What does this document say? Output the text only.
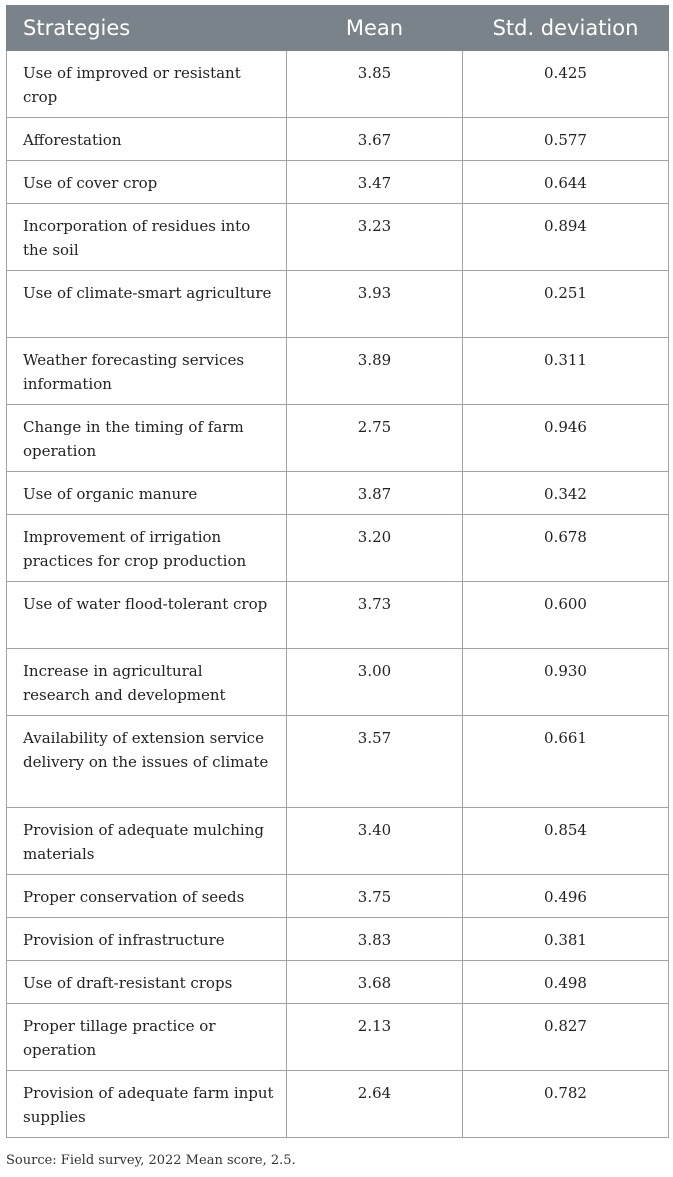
Strategies	Mean	Std. deviation
Use of improved or resistant crop	3.85	0.425
Afforestation	3.67	0.577
Use of cover crop	3.47	0.644
Incorporation of residues into the soil	3.23	0.894
Use of climate-smart agriculture	3.93	0.251
Weather forecasting services information	3.89	0.311
Change in the timing of farm operation	2.75	0.946
Use of organic manure	3.87	0.342
Improvement of irrigation practices for crop production	3.20	0.678
Use of water flood-tolerant crop	3.73	0.600
Increase in agricultural research and development	3.00	0.930
Availability of extension service delivery on the issues of climate	3.57	0.661
Provision of adequate mulching materials	3.40	0.854
Proper conservation of seeds	3.75	0.496
Provision of infrastructure	3.83	0.381
Use of draft-resistant crops	3.68	0.498
Proper tillage practice or operation	2.13	0.827
Provision of adequate farm input supplies	2.64	0.782

Source: Field survey, 2022 Mean score, 2.5.
